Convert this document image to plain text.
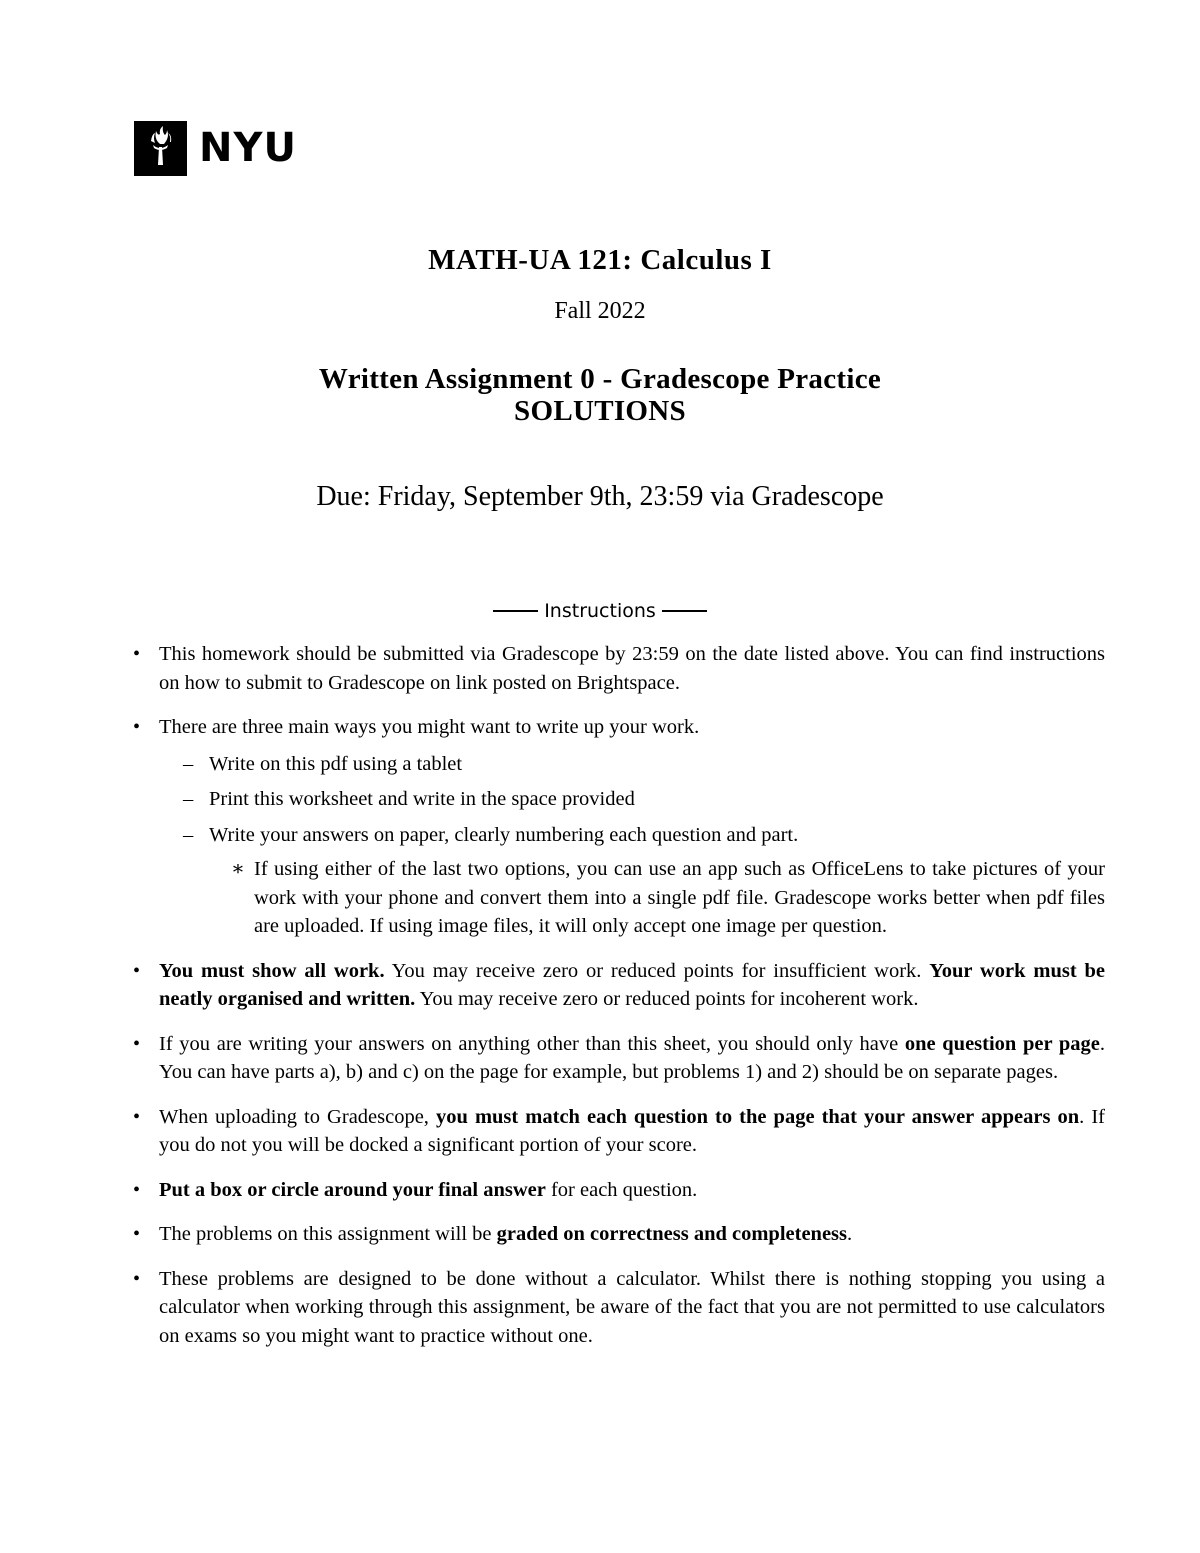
NYU
MATH-UA 121: Calculus I
Fall 2022
Written Assignment 0 - Gradescope Practice
SOLUTIONS
Due: Friday, September 9th, 23:59 via Gradescope
Instructions
• This homework should be submitted via Gradescope by 23:59 on the date listed above. You can find instructions on how to submit to Gradescope on link posted on Brightspace.
• There are three main ways you might want to write up your work.
– Write on this pdf using a tablet
– Print this worksheet and write in the space provided
– Write your answers on paper, clearly numbering each question and part.
∗ If using either of the last two options, you can use an app such as OfficeLens to take pictures of your work with your phone and convert them into a single pdf file. Gradescope works better when pdf files are uploaded. If using image files, it will only accept one image per question.
• You must show all work. You may receive zero or reduced points for insufficient work. Your work must be neatly organised and written. You may receive zero or reduced points for incoherent work.
• If you are writing your answers on anything other than this sheet, you should only have one question per page. You can have parts a), b) and c) on the page for example, but problems 1) and 2) should be on separate pages.
• When uploading to Gradescope, you must match each question to the page that your answer appears on. If you do not you will be docked a significant portion of your score.
• Put a box or circle around your final answer for each question.
• The problems on this assignment will be graded on correctness and completeness.
• These problems are designed to be done without a calculator. Whilst there is nothing stopping you using a calculator when working through this assignment, be aware of the fact that you are not permitted to use calculators on exams so you might want to practice without one.
